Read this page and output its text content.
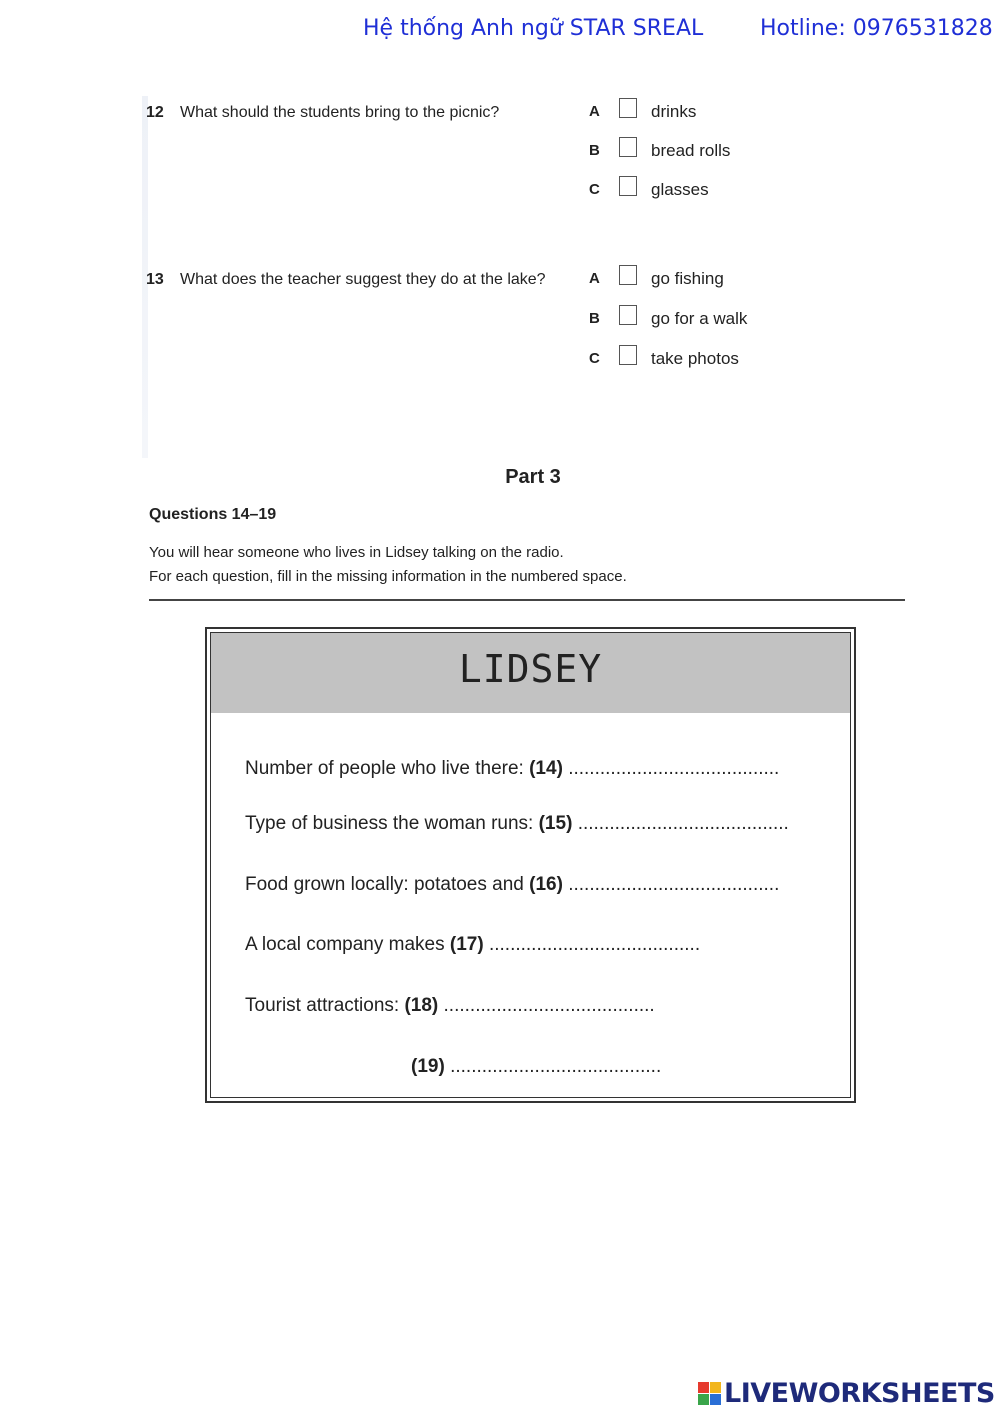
Hệ thống Anh ngữ STAR SREAL	Hotline: 0976531828
12 What should the students bring to the picnic?	A	drinks
B	bread rolls
C	glasses
13 What does the teacher suggest they do at the lake?	A	go fishing
B	go for a walk
C	take photos
Part 3
Questions 14–19
You will hear someone who lives in Lidsey talking on the radio.
For each question, fill in the missing information in the numbered space.
LIDSEY
Number of people who live there: (14) ........................................
Type of business the woman runs: (15) ........................................
Food grown locally: potatoes and (16) ........................................
A local company makes (17) ........................................
Tourist attractions: (18) ........................................
(19) ........................................
LIVEWORKSHEETS
